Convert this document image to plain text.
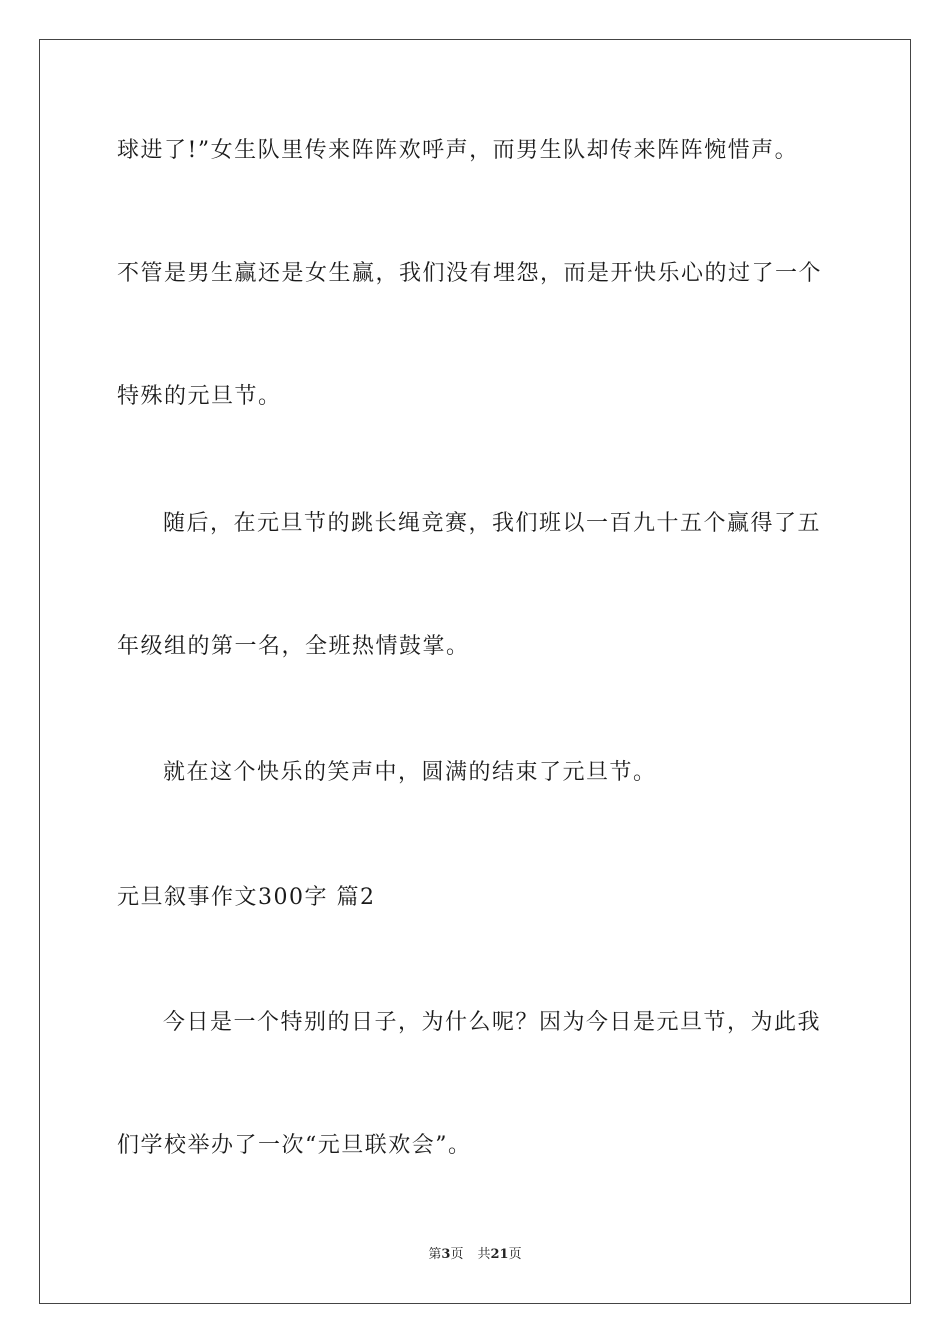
球进了!”女生队里传来阵阵欢呼声，而男生队却传来阵阵惋惜声。
不管是男生赢还是女生赢，我们没有埋怨，而是开快乐心的过了一个
特殊的元旦节。
随后，在元旦节的跳长绳竞赛，我们班以一百九十五个赢得了五
年级组的第一名，全班热情鼓掌。
就在这个快乐的笑声中，圆满的结束了元旦节。
元旦叙事作文300字 篇2
今日是一个特别的日子，为什么呢？因为今日是元旦节，为此我
们学校举办了一次“元旦联欢会”。
第3页 共21页
